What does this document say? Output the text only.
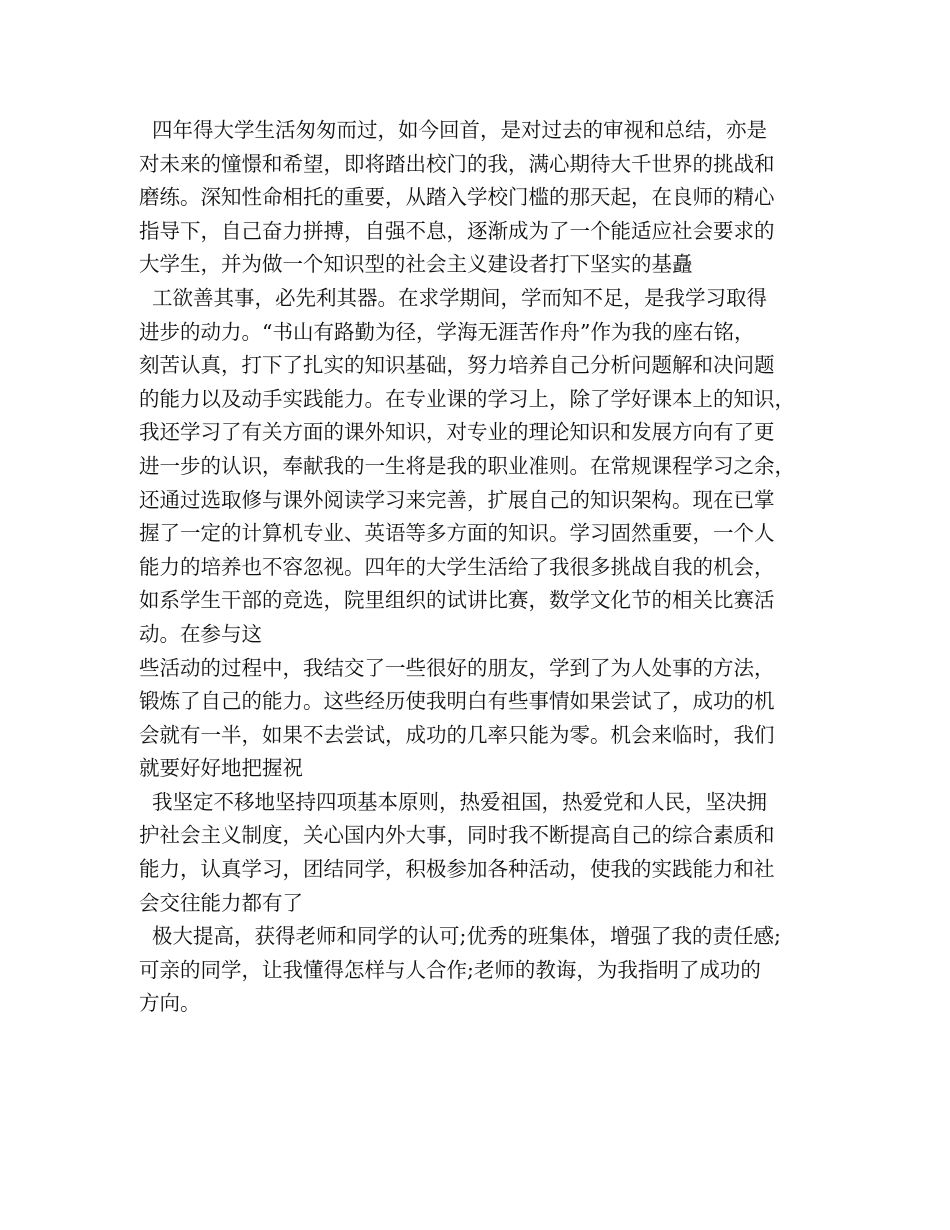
四年得大学生活匆匆而过，如今回首，是对过去的审视和总结，亦是
对未来的憧憬和希望，即将踏出校门的我，满心期待大千世界的挑战和
磨练。深知性命相托的重要，从踏入学校门槛的那天起，在良师的精心
指导下，自己奋力拼搏，自强不息，逐渐成为了一个能适应社会要求的
大学生，并为做一个知识型的社会主义建设者打下坚实的基矗
工欲善其事，必先利其器。在求学期间，学而知不足，是我学习取得
进步的动力。“书山有路勤为径，学海无涯苦作舟”作为我的座右铭，
刻苦认真，打下了扎实的知识基础，努力培养自己分析问题解和决问题
的能力以及动手实践能力。在专业课的学习上，除了学好课本上的知识，
我还学习了有关方面的课外知识，对专业的理论知识和发展方向有了更
进一步的认识，奉献我的一生将是我的职业准则。在常规课程学习之余，
还通过选取修与课外阅读学习来完善，扩展自己的知识架构。现在已掌
握了一定的计算机专业、英语等多方面的知识。学习固然重要，一个人
能力的培养也不容忽视。四年的大学生活给了我很多挑战自我的机会，
如系学生干部的竞选，院里组织的试讲比赛，数学文化节的相关比赛活
动。在参与这
些活动的过程中，我结交了一些很好的朋友，学到了为人处事的方法，
锻炼了自己的能力。这些经历使我明白有些事情如果尝试了，成功的机
会就有一半，如果不去尝试，成功的几率只能为零。机会来临时，我们
就要好好地把握祝
我坚定不移地坚持四项基本原则，热爱祖国，热爱党和人民，坚决拥
护社会主义制度，关心国内外大事，同时我不断提高自己的综合素质和
能力，认真学习，团结同学，积极参加各种活动，使我的实践能力和社
会交往能力都有了
极大提高，获得老师和同学的认可;优秀的班集体，增强了我的责任感;
可亲的同学，让我懂得怎样与人合作;老师的教诲，为我指明了成功的
方向。
